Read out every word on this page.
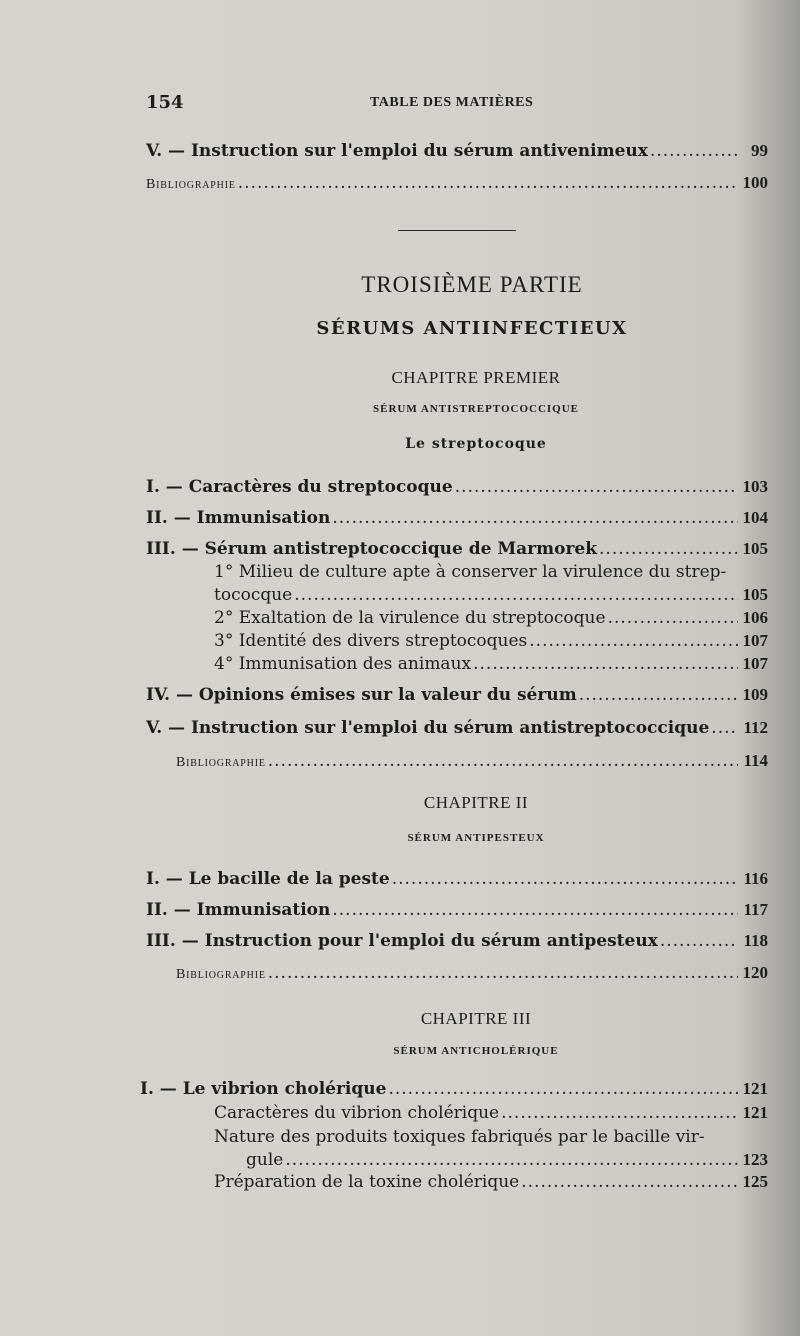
154	TABLE DES MATIÈRES
V. — Instruction sur l'emploi du sérum antivenimeux .....	99
Bibliographie .....	100
TROISIÈME PARTIE
SÉRUMS ANTIINFECTIEUX
CHAPITRE PREMIER
SÉRUM ANTISTREPTOCOCCIQUE
Le streptocoque
I. — Caractères du streptocoque .....	103
II. — Immunisation .....	104
III. — Sérum antistreptococcique de Marmorek .....	105
1° Milieu de culture apte à conserver la virulence du strep-
tococque .....	105
2° Exaltation de la virulence du streptocoque .....	106
3° Identité des divers streptocoques .....	107
4° Immunisation des animaux .....	107
IV. — Opinions émises sur la valeur du sérum .....	109
V. — Instruction sur l'emploi du sérum antistreptococcique ..... 112
Bibliographie .....	114
CHAPITRE II
SÉRUM ANTIPESTEUX
I. — Le bacille de la peste .....	116
II. — Immunisation .....	117
III. — Instruction pour l'emploi du sérum antipesteux .....	118
Bibliographie .....	120
CHAPITRE III
SÉRUM ANTICHOLÉRIQUE
I. — Le vibrion cholérique .....	121
Caractères du vibrion cholérique .....	121
Nature des produits toxiques fabriqués par le bacille vir-
gule .....	123
Préparation de la toxine cholérique .....	125
